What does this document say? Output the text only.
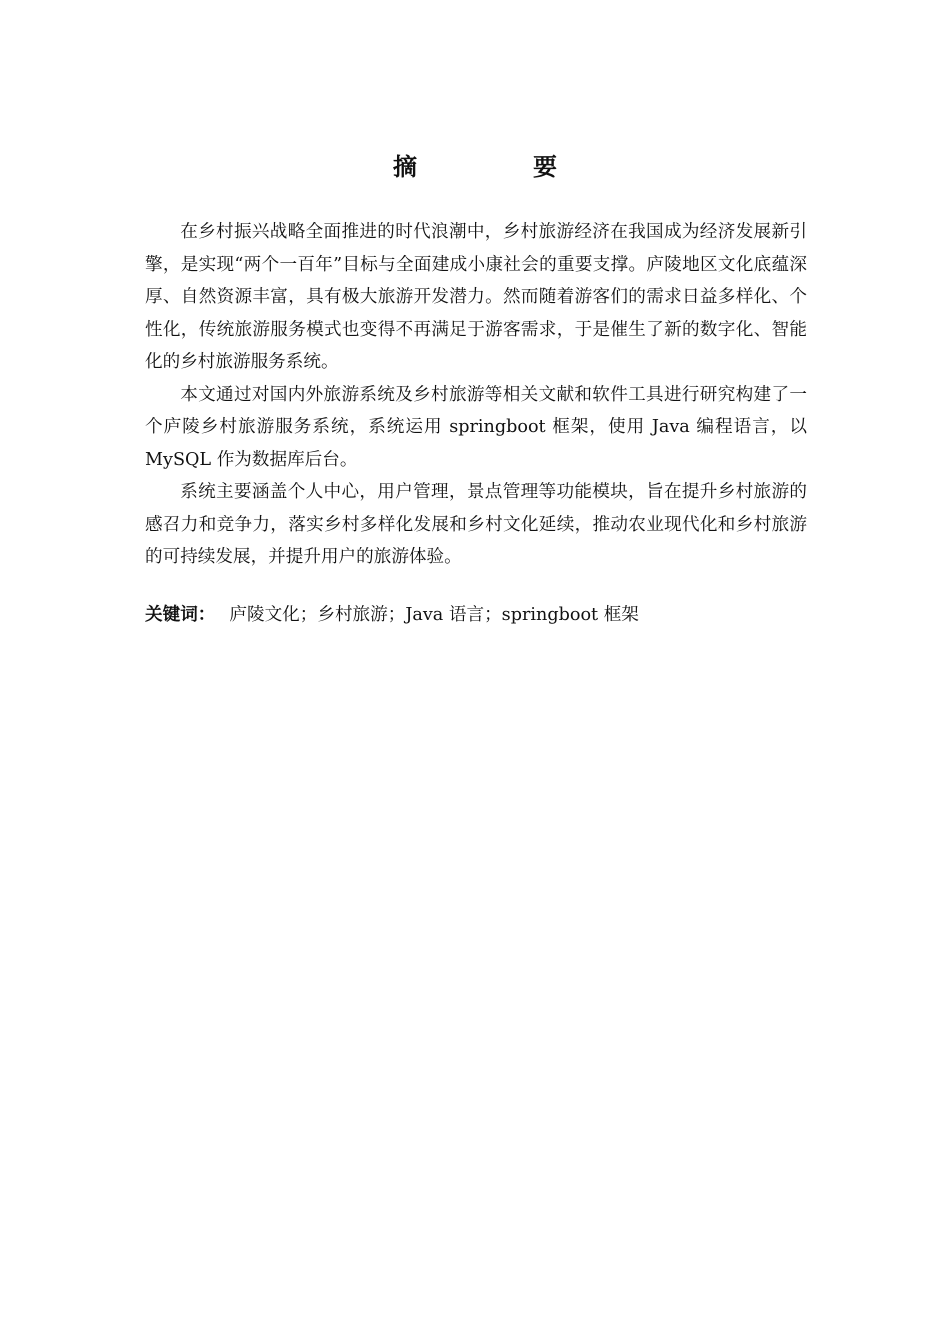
摘　要

在乡村振兴战略全面推进的时代浪潮中，乡村旅游经济在我国成为经济发展新引擎，是实现“两个一百年”目标与全面建成小康社会的重要支撑。庐陵地区文化底蕴深厚、自然资源丰富，具有极大旅游开发潜力。然而随着游客们的需求日益多样化、个性化，传统旅游服务模式也变得不再满足于游客需求，于是催生了新的数字化、智能化的乡村旅游服务系统。

本文通过对国内外旅游系统及乡村旅游等相关文献和软件工具进行研究构建了一个庐陵乡村旅游服务系统，系统运用 springboot 框架，使用 Java 编程语言，以 MySQL 作为数据库后台。

系统主要涵盖个人中心，用户管理，景点管理等功能模块，旨在提升乡村旅游的感召力和竞争力，落实乡村多样化发展和乡村文化延续，推动农业现代化和乡村旅游的可持续发展，并提升用户的旅游体验。

关键词： 庐陵文化；乡村旅游；Java 语言；springboot 框架
